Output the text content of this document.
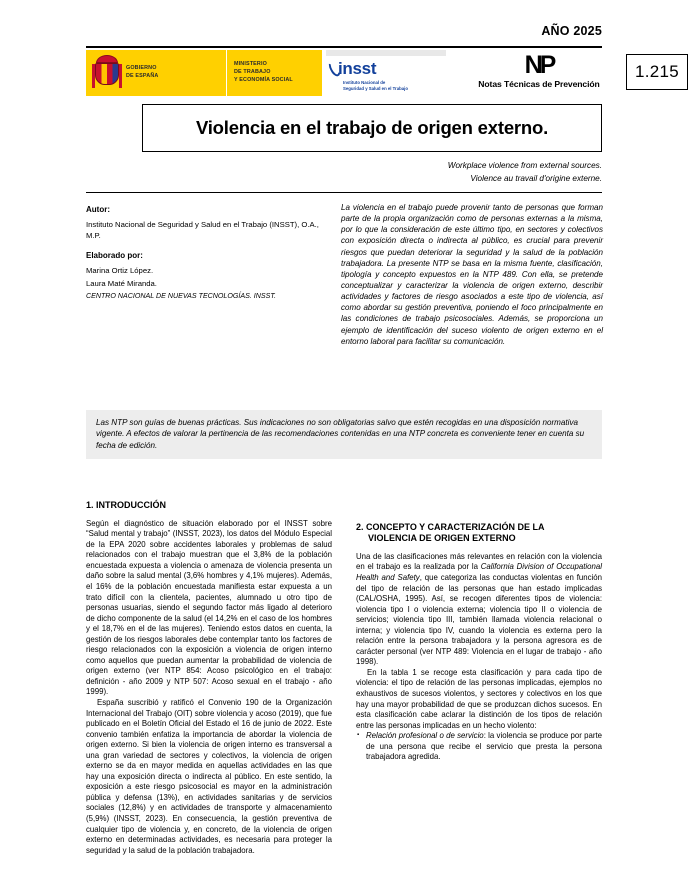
AÑO 2025
GOBIERNO
DE ESPAÑA
MINISTERIO
DE TRABAJO
Y ECONOMÍA SOCIAL
insst
Instituto Nacional de
Seguridad y Salud en el Trabajo
NP
Notas Técnicas de Prevención
1.215
Violencia en el trabajo de origen externo.
Workplace violence from external sources.
Violence au travail d'origine externe.
Autor:
Instituto Nacional de Seguridad y Salud en el Trabajo (INSST), O.A., M.P.
Elaborado por:
Marina Ortiz López.
Laura Maté Miranda.
CENTRO NACIONAL DE NUEVAS TECNOLOGÍAS. INSST.
La violencia en el trabajo puede provenir tanto de personas que forman parte de la propia organización como de personas externas a la misma, por lo que la consideración de este último tipo, en sectores y colectivos con exposición directa o indirecta al público, es crucial para prevenir riesgos que puedan deteriorar la seguridad y la salud de la población trabajadora. La presente NTP se basa en la misma fuente, clasificación, tipología y concepto expuestos en la NTP 489. Con ella, se pretende conceptualizar y caracterizar la violencia de origen externo, describir actividades y factores de riesgo asociados a este tipo de violencia, así como abordar su gestión preventiva, poniendo el foco principalmente en las condiciones de trabajo psicosociales. Además, se proporciona un ejemplo de identificación del suceso violento de origen externo en el entorno laboral para facilitar su comunicación.
Las NTP son guías de buenas prácticas. Sus indicaciones no son obligatorias salvo que estén recogidas en una disposición normativa vigente. A efectos de valorar la pertinencia de las recomendaciones contenidas en una NTP concreta es conveniente tener en cuenta su fecha de edición.
1. INTRODUCCIÓN

Según el diagnóstico de situación elaborado por el INSST sobre “Salud mental y trabajo” (INSST, 2023), los datos del Módulo Especial de la EPA 2020 sobre accidentes laborales y problemas de salud relacionados con el trabajo muestran que el 3,8% de la población encuestada expuesta a violencia o amenaza de violencia presenta un daño sobre la salud mental (3,6% hombres y 4,1% mujeres). Además, el 16% de la población encuestada manifiesta estar expuesta a un trato difícil con la clientela, pacientes, alumnado u otro tipo de personas usuarias, siendo el segundo factor más ligado al deterioro de dicho componente de la salud (el 14,2% en el caso de los hombres y el 18,7% en el de las mujeres). Teniendo estos datos en cuenta, la gestión de los riesgos laborales debe contemplar tanto los factores de riesgo relacionados con la exposición a violencia de origen interno como aquellos que puedan aumentar la probabilidad de violencia de origen externo (ver NTP 854: Acoso psicológico en el trabajo: definición - año 2009 y NTP 507: Acoso sexual en el trabajo - año 1999).

España suscribió y ratificó el Convenio 190 de la Organización Internacional del Trabajo (OIT) sobre violencia y acoso (2019), que fue publicado en el Boletín Oficial del Estado el 16 de junio de 2022. Este convenio también enfatiza la importancia de abordar la violencia de origen externo. Si bien la violencia de origen interno es transversal a una gran variedad de sectores y colectivos, la violencia de origen externo se da en mayor medida en aquellas actividades en las que hay una exposición directa o indirecta al público. En este sentido, la exposición a este riesgo psicosocial es mayor en la administración pública y defensa (13%), en actividades sanitarias y de servicios sociales (12,8%) y en actividades de transporte y almacenamiento (5,9%) (INSST, 2023). En consecuencia, la gestión preventiva de cualquier tipo de violencia y, en concreto, de la violencia de origen externo en determinadas actividades, es necesaria para proteger la seguridad y la salud de la población trabajadora.

2. CONCEPTO Y CARACTERIZACIÓN DE LA
VIOLENCIA DE ORIGEN EXTERNO

Una de las clasificaciones más relevantes en relación con la violencia en el trabajo es la realizada por la California Division of Occupational Health and Safety, que categoriza las conductas violentas en función del tipo de relación de las personas que han estado implicadas (CAL/OSHA, 1995). Así, se recogen diferentes tipos de violencia: violencia tipo I o violencia externa; violencia tipo II o violencia de servicios; violencia tipo III, también llamada violencia relacional o interna; y violencia tipo IV, cuando la violencia es externa pero la relación entre la persona trabajadora y la persona agresora es de carácter personal (ver NTP 489: Violencia en el lugar de trabajo - año 1998).

En la tabla 1 se recoge esta clasificación y para cada tipo de violencia: el tipo de relación de las personas implicadas, ejemplos no exhaustivos de sucesos violentos, y sectores y colectivos en los que hay una mayor probabilidad de que se produzcan dichos sucesos. En esta clasificación cabe aclarar la distinción de los tipos de relación entre las personas implicadas en un hecho violento:

▪ Relación profesional o de servicio: la violencia se produce por parte de una persona que recibe el servicio que presta la persona trabajadora agredida.
